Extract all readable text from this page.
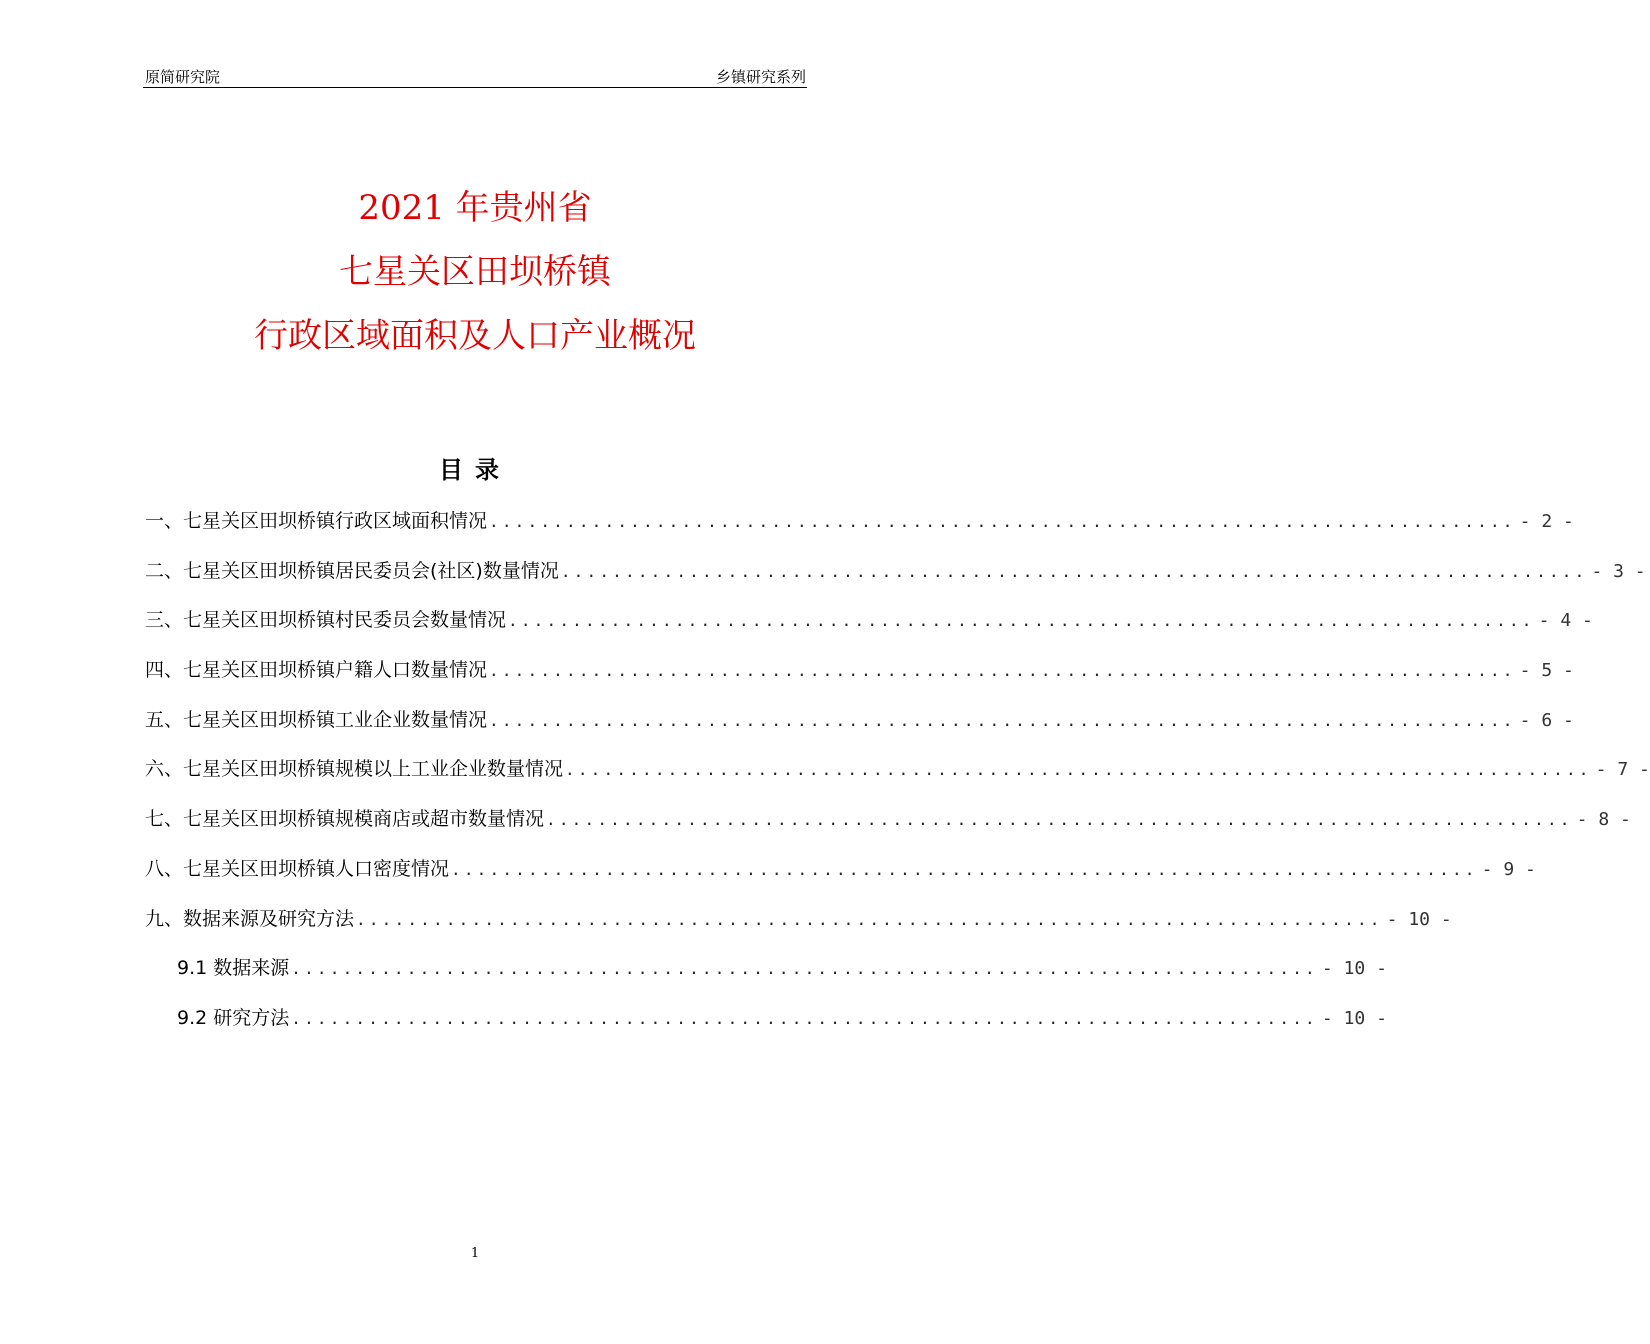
原简研究院	乡镇研究系列
2021 年贵州省
七星关区田坝桥镇
行政区域面积及人口产业概况
目录
一、七星关区田坝桥镇行政区域面积情况 ................................................................................ - 2 -
二、七星关区田坝桥镇居民委员会(社区)数量情况 ................................................................................ - 3 -
三、七星关区田坝桥镇村民委员会数量情况 ................................................................................ - 4 -
四、七星关区田坝桥镇户籍人口数量情况 ................................................................................ - 5 -
五、七星关区田坝桥镇工业企业数量情况 ................................................................................ - 6 -
六、七星关区田坝桥镇规模以上工业企业数量情况 ................................................................................ - 7 -
七、七星关区田坝桥镇规模商店或超市数量情况 ................................................................................ - 8 -
八、七星关区田坝桥镇人口密度情况 ................................................................................ - 9 -
九、数据来源及研究方法 ................................................................................ - 10 -
9.1 数据来源 ................................................................................ - 10 -
9.2 研究方法 ................................................................................ - 10 -
1
